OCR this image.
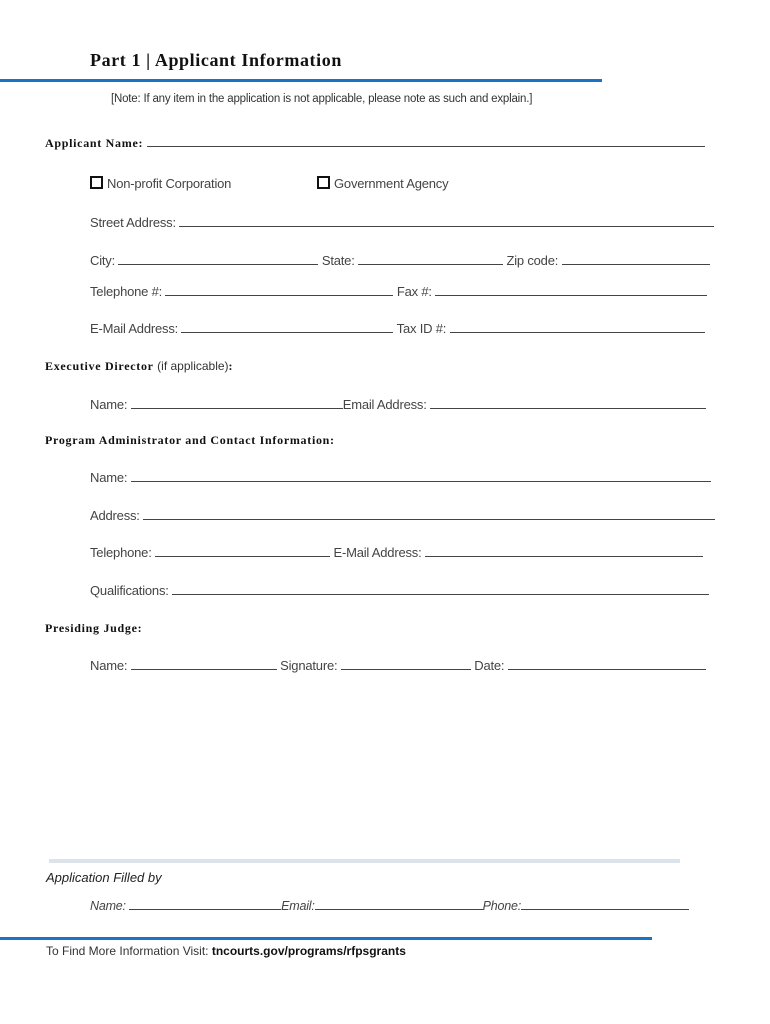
Part 1 | Applicant Information
[Note: If any item in the application is not applicable, please note as such and explain.]
Applicant Name:
Non-profit Corporation	Government Agency
Street Address:
City:	State:	Zip code:
Telephone #:	Fax #:
E-Mail Address:	Tax ID #:
Executive Director (if applicable):
Name:	Email Address:
Program Administrator and Contact Information:
Name:
Address:
Telephone:	E-Mail Address:
Qualifications:
Presiding Judge:
Name:	Signature:	Date:
Application Filled by
Name:	Email:	Phone:
To Find More Information Visit: tncourts.gov/programs/rfpsgrants
